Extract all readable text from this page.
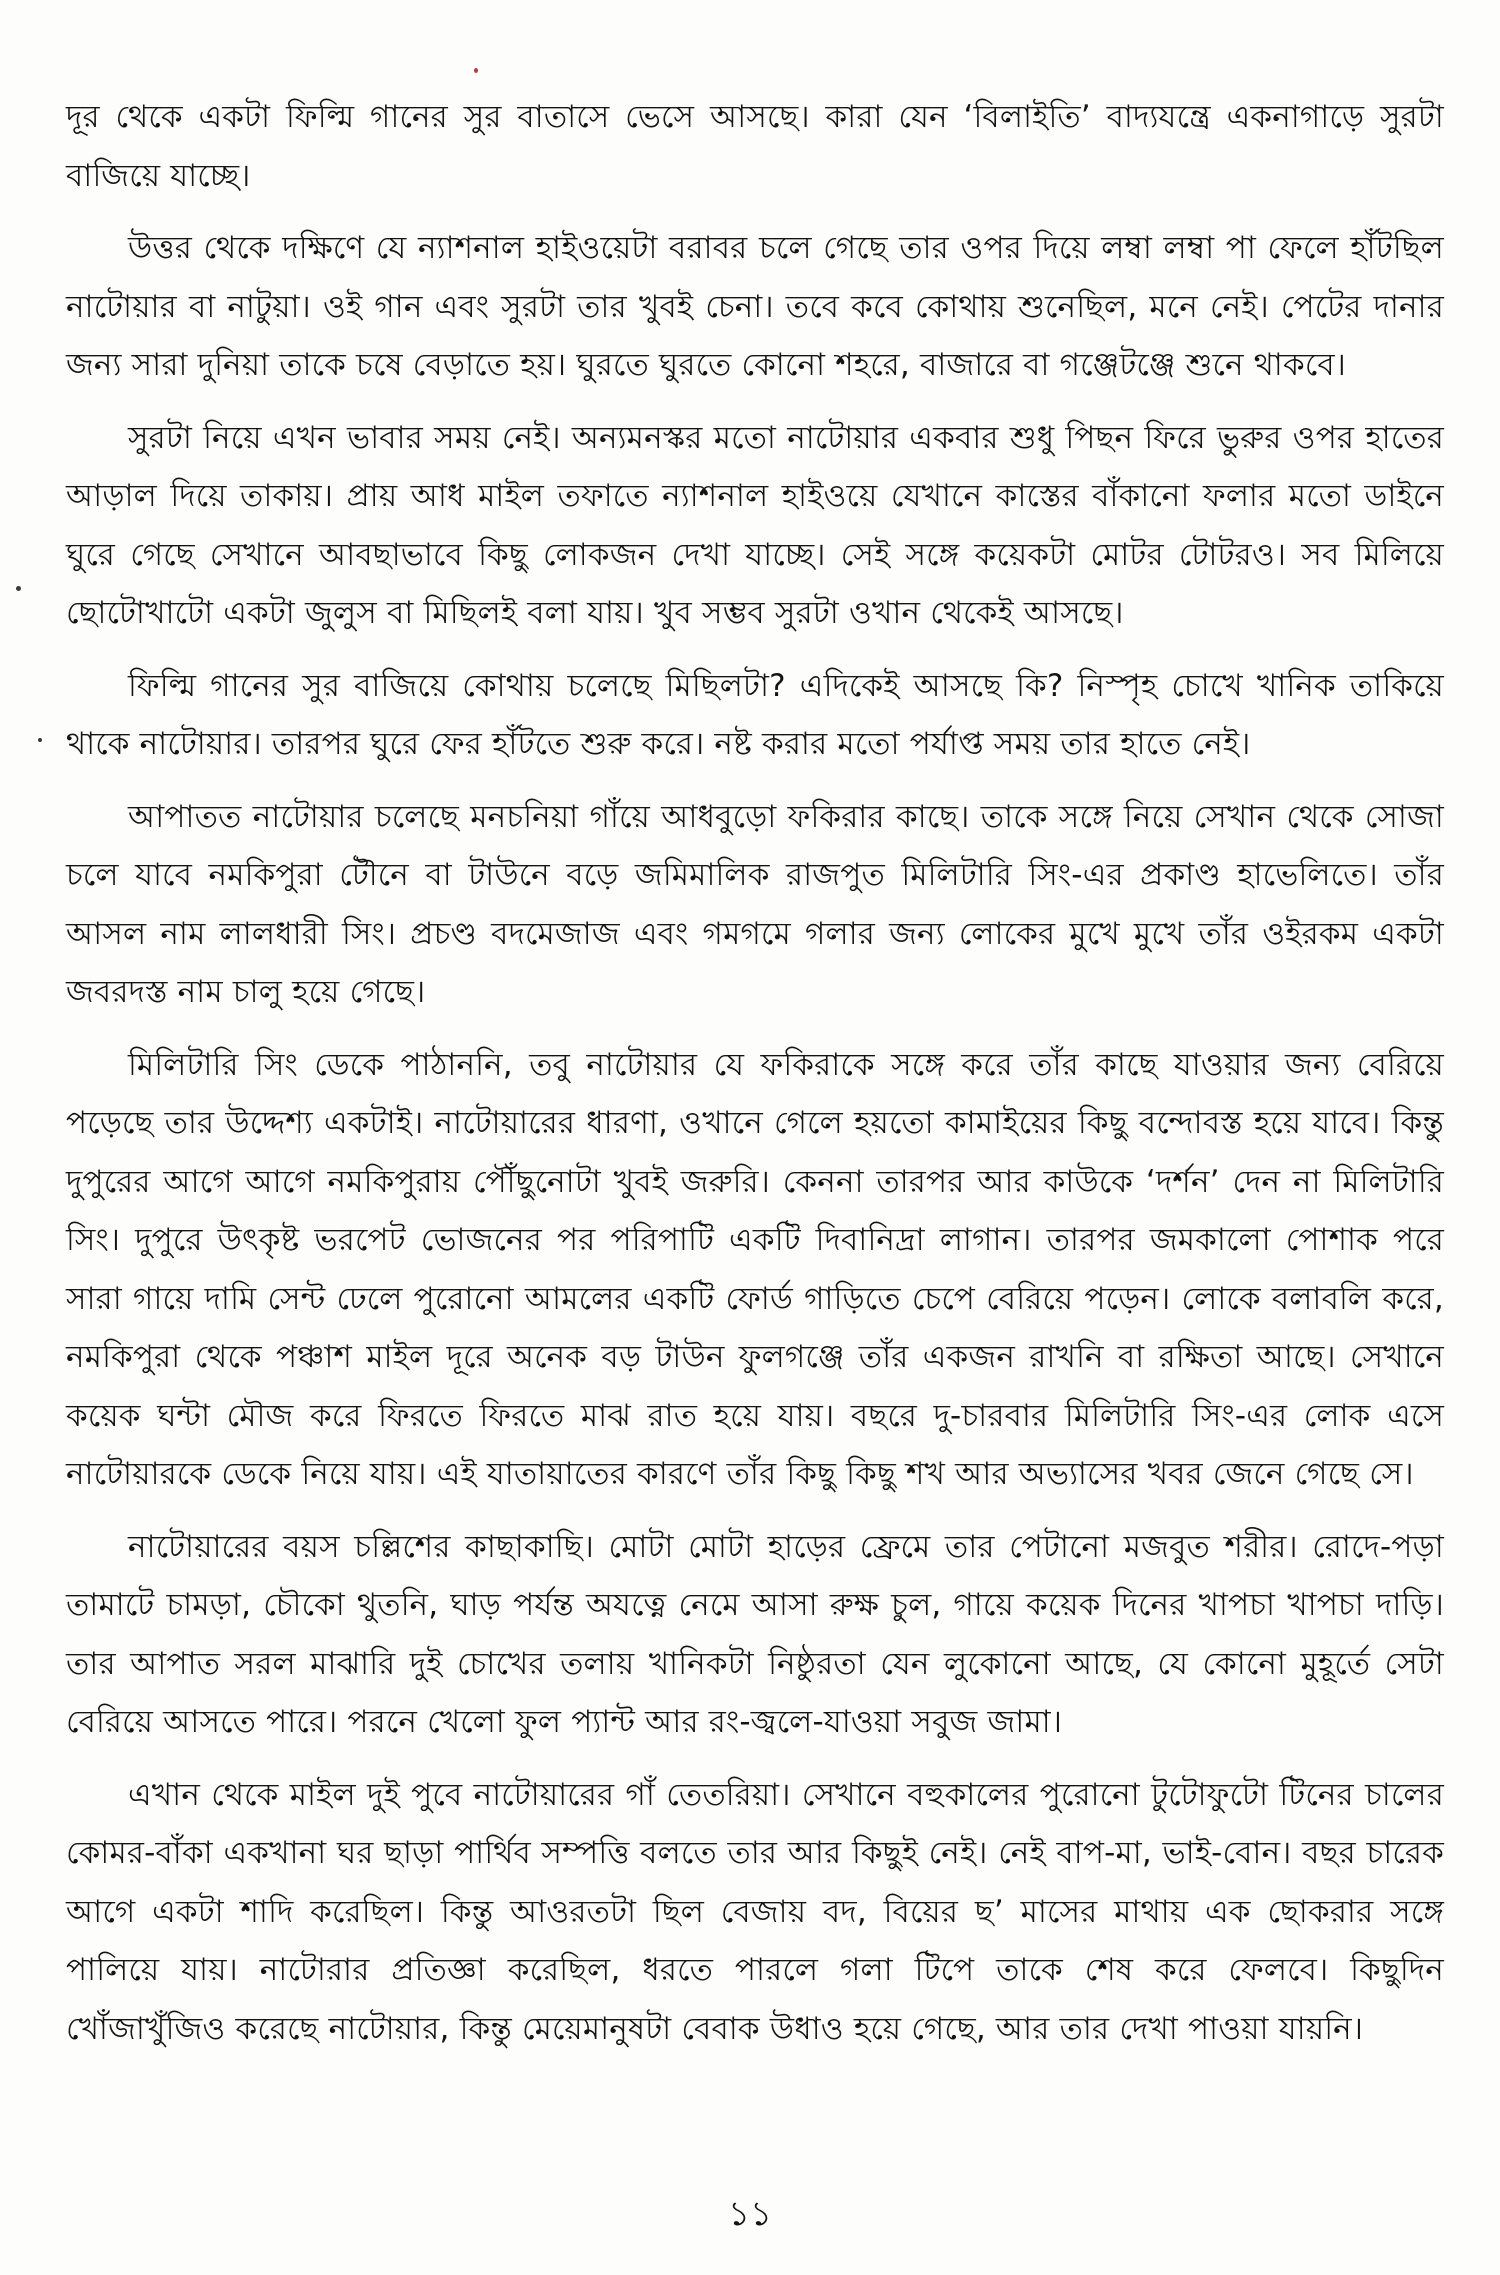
দূর থেকে একটা ফিল্মি গানের সুর বাতাসে ভেসে আসছে। কারা যেন ‘বিলাইতি’ বাদ্যযন্ত্রে একনাগাড়ে সুরটা বাজিয়ে যাচ্ছে।

উত্তর থেকে দক্ষিণে যে ন্যাশনাল হাইওয়েটা বরাবর চলে গেছে তার ওপর দিয়ে লম্বা লম্বা পা ফেলে হাঁটছিল নাটোয়ার বা নাটুয়া। ওই গান এবং সুরটা তার খুবই চেনা। তবে কবে কোথায় শুনেছিল, মনে নেই। পেটের দানার জন্য সারা দুনিয়া তাকে চষে বেড়াতে হয়। ঘুরতে ঘুরতে কোনো শহরে, বাজারে বা গঞ্জেটঞ্জে শুনে থাকবে।

সুরটা নিয়ে এখন ভাবার সময় নেই। অন্যমনস্কর মতো নাটোয়ার একবার শুধু পিছন ফিরে ভুরুর ওপর হাতের আড়াল দিয়ে তাকায়। প্রায় আধ মাইল তফাতে ন্যাশনাল হাইওয়ে যেখানে কাস্তের বাঁকানো ফলার মতো ডাইনে ঘুরে গেছে সেখানে আবছাভাবে কিছু লোকজন দেখা যাচ্ছে। সেই সঙ্গে কয়েকটা মোটর টোটরও। সব মিলিয়ে ছোটোখাটো একটা জুলুস বা মিছিলই বলা যায়। খুব সম্ভব সুরটা ওখান থেকেই আসছে।

ফিল্মি গানের সুর বাজিয়ে কোথায় চলেছে মিছিলটা? এদিকেই আসছে কি? নিস্পৃহ চোখে খানিক তাকিয়ে থাকে নাটোয়ার। তারপর ঘুরে ফের হাঁটতে শুরু করে। নষ্ট করার মতো পর্যাপ্ত সময় তার হাতে নেই।

আপাতত নাটোয়ার চলেছে মনচনিয়া গাঁয়ে আধবুড়ো ফকিরার কাছে। তাকে সঙ্গে নিয়ে সেখান থেকে সোজা চলে যাবে নমকিপুরা টৌনে বা টাউনে বড়ে জমিমালিক রাজপুত মিলিটারি সিং-এর প্রকাণ্ড হাভেলিতে। তাঁর আসল নাম লালধারী সিং। প্রচণ্ড বদমেজাজ এবং গমগমে গলার জন্য লোকের মুখে মুখে তাঁর ওইরকম একটা জবরদস্ত নাম চালু হয়ে গেছে।

মিলিটারি সিং ডেকে পাঠাননি, তবু নাটোয়ার যে ফকিরাকে সঙ্গে করে তাঁর কাছে যাওয়ার জন্য বেরিয়ে পড়েছে তার উদ্দেশ্য একটাই। নাটোয়ারের ধারণা, ওখানে গেলে হয়তো কামাইয়ের কিছু বন্দোবস্ত হয়ে যাবে। কিন্তু দুপুরের আগে আগে নমকিপুরায় পৌঁছুনোটা খুবই জরুরি। কেননা তারপর আর কাউকে ‘দর্শন’ দেন না মিলিটারি সিং। দুপুরে উৎকৃষ্ট ভরপেট ভোজনের পর পরিপাটি একটি দিবানিদ্রা লাগান। তারপর জমকালো পোশাক পরে সারা গায়ে দামি সেন্ট ঢেলে পুরোনো আমলের একটি ফোর্ড গাড়িতে চেপে বেরিয়ে পড়েন। লোকে বলাবলি করে, নমকিপুরা থেকে পঞ্চাশ মাইল দূরে অনেক বড় টাউন ফুলগঞ্জে তাঁর একজন রাখনি বা রক্ষিতা আছে। সেখানে কয়েক ঘন্টা মৌজ করে ফিরতে ফিরতে মাঝ রাত হয়ে যায়। বছরে দু-চারবার মিলিটারি সিং-এর লোক এসে নাটোয়ারকে ডেকে নিয়ে যায়। এই যাতায়াতের কারণে তাঁর কিছু কিছু শখ আর অভ্যাসের খবর জেনে গেছে সে।

নাটোয়ারের বয়স চল্লিশের কাছাকাছি। মোটা মোটা হাড়ের ফ্রেমে তার পেটানো মজবুত শরীর। রোদে-পড়া তামাটে চামড়া, চৌকো থুতনি, ঘাড় পর্যন্ত অযত্নে নেমে আসা রুক্ষ চুল, গায়ে কয়েক দিনের খাপচা খাপচা দাড়ি। তার আপাত সরল মাঝারি দুই চোখের তলায় খানিকটা নিষ্ঠুরতা যেন লুকোনো আছে, যে কোনো মুহূর্তে সেটা বেরিয়ে আসতে পারে। পরনে খেলো ফুল প্যান্ট আর রং-জ্বলে-যাওয়া সবুজ জামা।

এখান থেকে মাইল দুই পুবে নাটোয়ারের গাঁ তেতরিয়া। সেখানে বহুকালের পুরোনো টুটোফুটো টিনের চালের কোমর-বাঁকা একখানা ঘর ছাড়া পার্থিব সম্পত্তি বলতে তার আর কিছুই নেই। নেই বাপ-মা, ভাই-বোন। বছর চারেক আগে একটা শাদি করেছিল। কিন্তু আওরতটা ছিল বেজায় বদ, বিয়ের ছ’ মাসের মাথায় এক ছোকরার সঙ্গে পালিয়ে যায়। নাটোরার প্রতিজ্ঞা করেছিল, ধরতে পারলে গলা টিপে তাকে শেষ করে ফেলবে। কিছুদিন খোঁজাখুঁজিও করেছে নাটোয়ার, কিন্তু মেয়েমানুষটা বেবাক উধাও হয়ে গেছে, আর তার দেখা পাওয়া যায়নি।

১১
